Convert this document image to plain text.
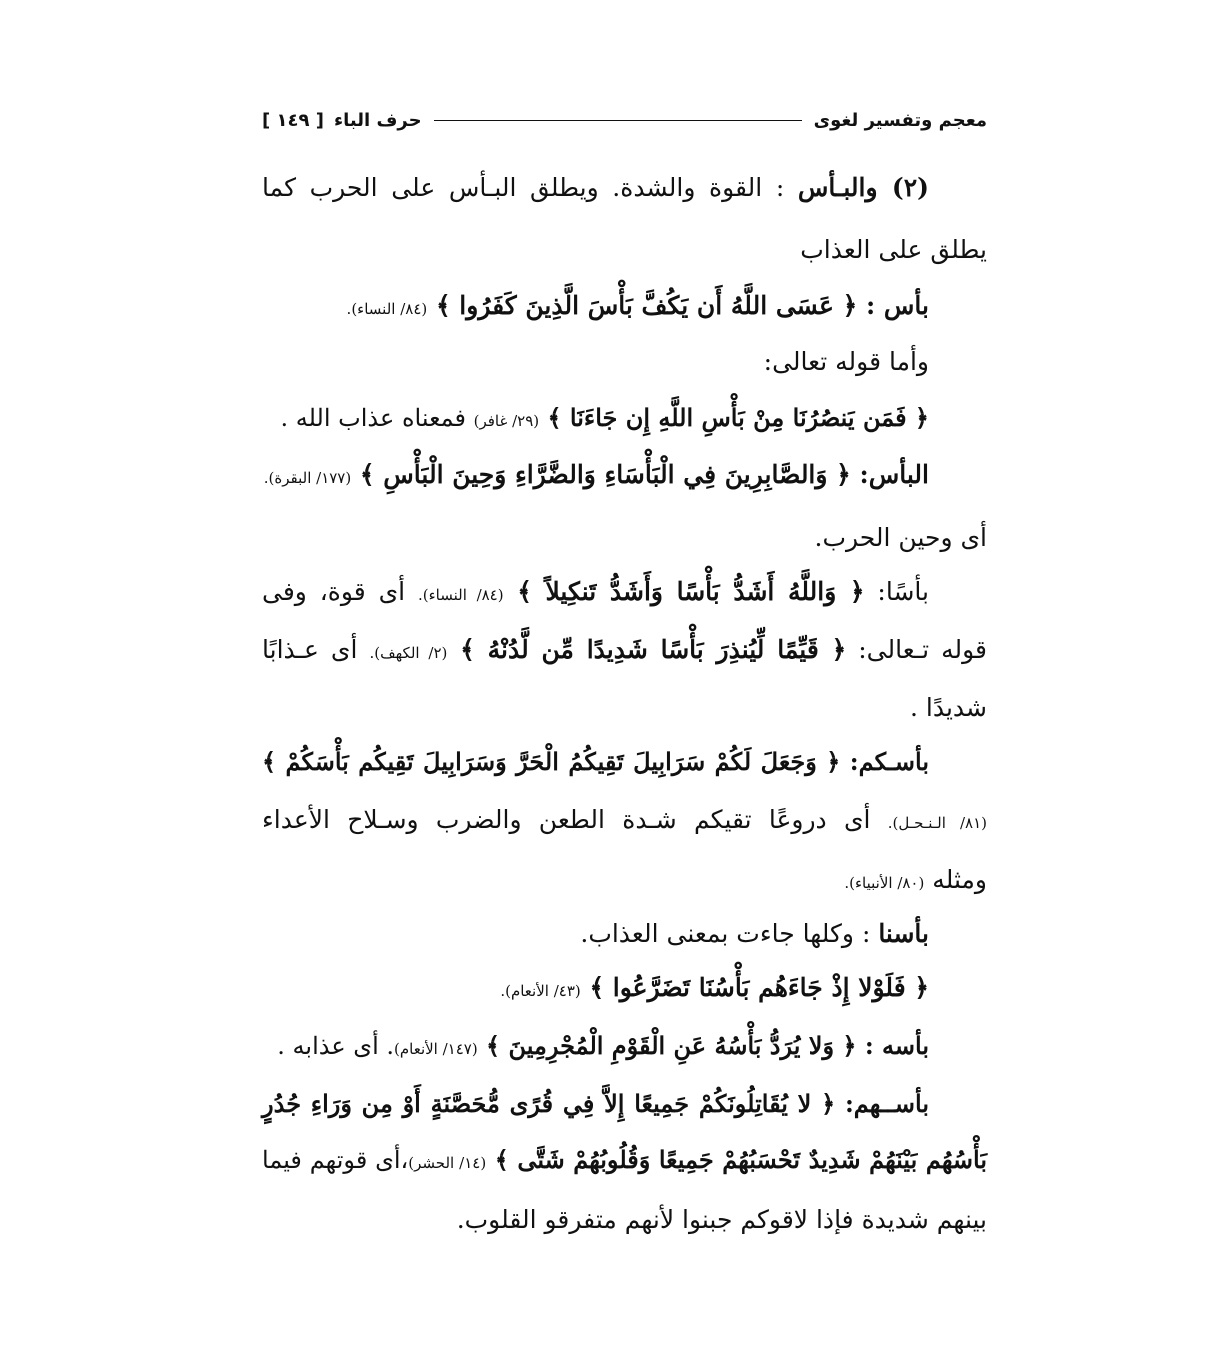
معجم وتفسير لغوى
حرف الباء
[ ١٤٩ ]
(٢) والبـأس : القوة والشدة. ويطلق البـأس على الحرب كما
يطلق على العذاب
بأس : ﴿ عَسَى اللَّهُ أَن يَكُفَّ بَأْسَ الَّذِينَ كَفَرُوا ﴾ (٨٤/ النساء).
وأما قوله تعالى:
﴿ فَمَن يَنصُرُنَا مِنْ بَأْسِ اللَّهِ إِن جَاءَنَا ﴾ (٢٩/ غافر) فمعناه عذاب الله .
البأس: ﴿ وَالصَّابِرِينَ فِي الْبَأْسَاءِ وَالضَّرَّاءِ وَحِينَ الْبَأْسِ ﴾ (١٧٧/ البقرة).
أى وحين الحرب.
بأسًا: ﴿ وَاللَّهُ أَشَدُّ بَأْسًا وَأَشَدُّ تَنكِيلاً ﴾ (٨٤/ النساء). أى قوة، وفى
قوله تـعالى: ﴿ قَيِّمًا لِّيُنذِرَ بَأْسًا شَدِيدًا مِّن لَّدُنْهُ ﴾ (٢/ الكهف). أى عـذابًا
شديدًا .
بأسـكم: ﴿ وَجَعَلَ لَكُمْ سَرَابِيلَ تَقِيكُمُ الْحَرَّ وَسَرَابِيلَ تَقِيكُم بَأْسَكُمْ ﴾
(٨١/ الـنـحـل). أى دروعًا تقيكم شـدة الطعن والضرب وسـلاح الأعداء
ومثله (٨٠/ الأنبياء).
بأسنا : وكلها جاءت بمعنى العذاب.
﴿ فَلَوْلا إِذْ جَاءَهُم بَأْسُنَا تَضَرَّعُوا ﴾ (٤٣/ الأنعام).
بأسه : ﴿ وَلا يُرَدُّ بَأْسُهُ عَنِ الْقَوْمِ الْمُجْرِمِينَ ﴾ (١٤٧/ الأنعام). أى عذابه .
بأســهم: ﴿ لا يُقَاتِلُونَكُمْ جَمِيعًا إِلاَّ فِي قُرًى مُّحَصَّنَةٍ أَوْ مِن وَرَاءِ جُدُرٍ
بَأْسُهُم بَيْنَهُمْ شَدِيدٌ تَحْسَبُهُمْ جَمِيعًا وَقُلُوبُهُمْ شَتَّى ﴾ (١٤/ الحشر)،أى قوتهم فيما
بينهم شديدة فإذا لاقوكم جبنوا لأنهم متفرقو القلوب.
